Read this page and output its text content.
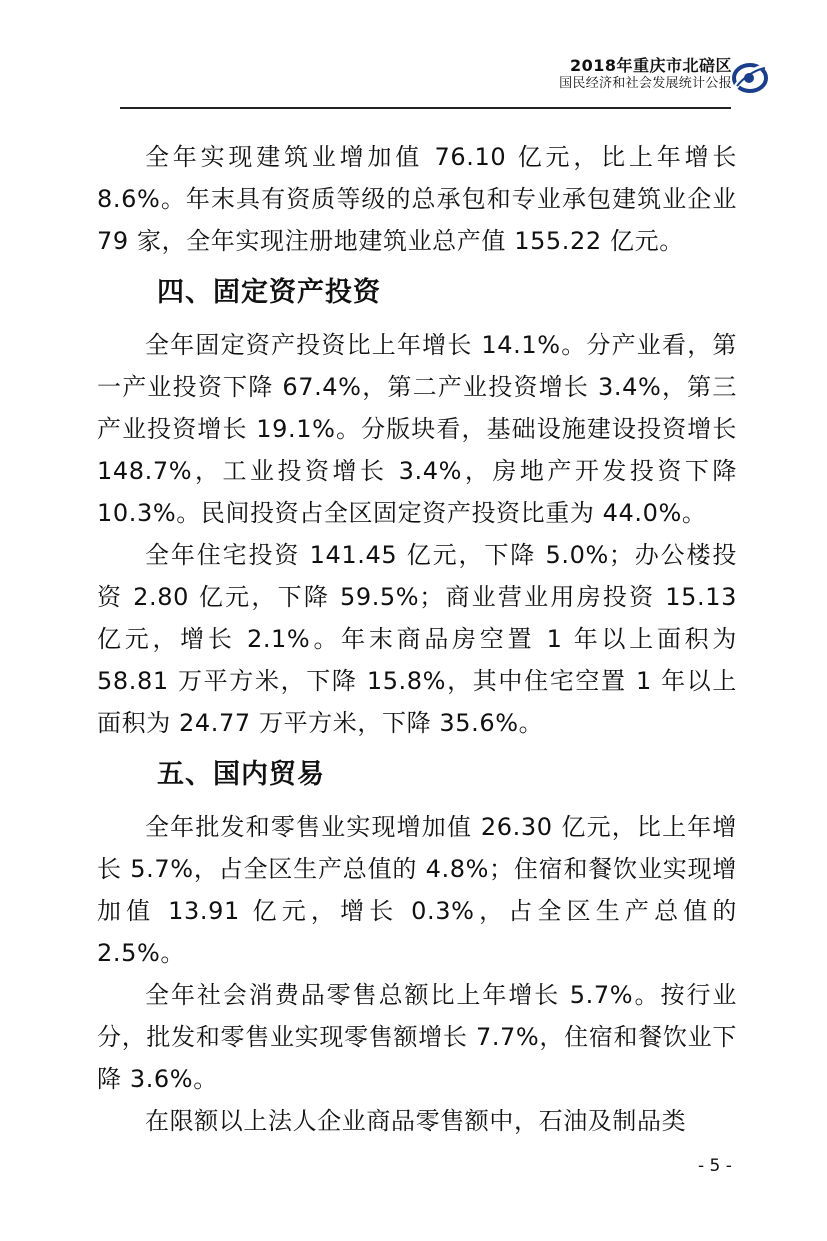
2018年重庆市北碚区
国民经济和社会发展统计公报

全年实现建筑业增加值 76.10 亿元，比上年增长 8.6%。年末具有资质等级的总承包和专业承包建筑业企业 79 家，全年实现注册地建筑业总产值 155.22 亿元。

四、固定资产投资

全年固定资产投资比上年增长 14.1%。分产业看，第一产业投资下降 67.4%，第二产业投资增长 3.4%，第三产业投资增长 19.1%。分版块看，基础设施建设投资增长 148.7%，工业投资增长 3.4%，房地产开发投资下降 10.3%。民间投资占全区固定资产投资比重为 44.0%。

全年住宅投资 141.45 亿元，下降 5.0%；办公楼投资 2.80 亿元，下降 59.5%；商业营业用房投资 15.13 亿元，增长 2.1%。年末商品房空置 1 年以上面积为 58.81 万平方米，下降 15.8%，其中住宅空置 1 年以上面积为 24.77 万平方米，下降 35.6%。

五、国内贸易

全年批发和零售业实现增加值 26.30 亿元，比上年增长 5.7%，占全区生产总值的 4.8%；住宿和餐饮业实现增加值 13.91 亿元，增长 0.3%，占全区生产总值的 2.5%。

全年社会消费品零售总额比上年增长 5.7%。按行业分，批发和零售业实现零售额增长 7.7%，住宿和餐饮业下降 3.6%。

在限额以上法人企业商品零售额中，石油及制品类

- 5 -
